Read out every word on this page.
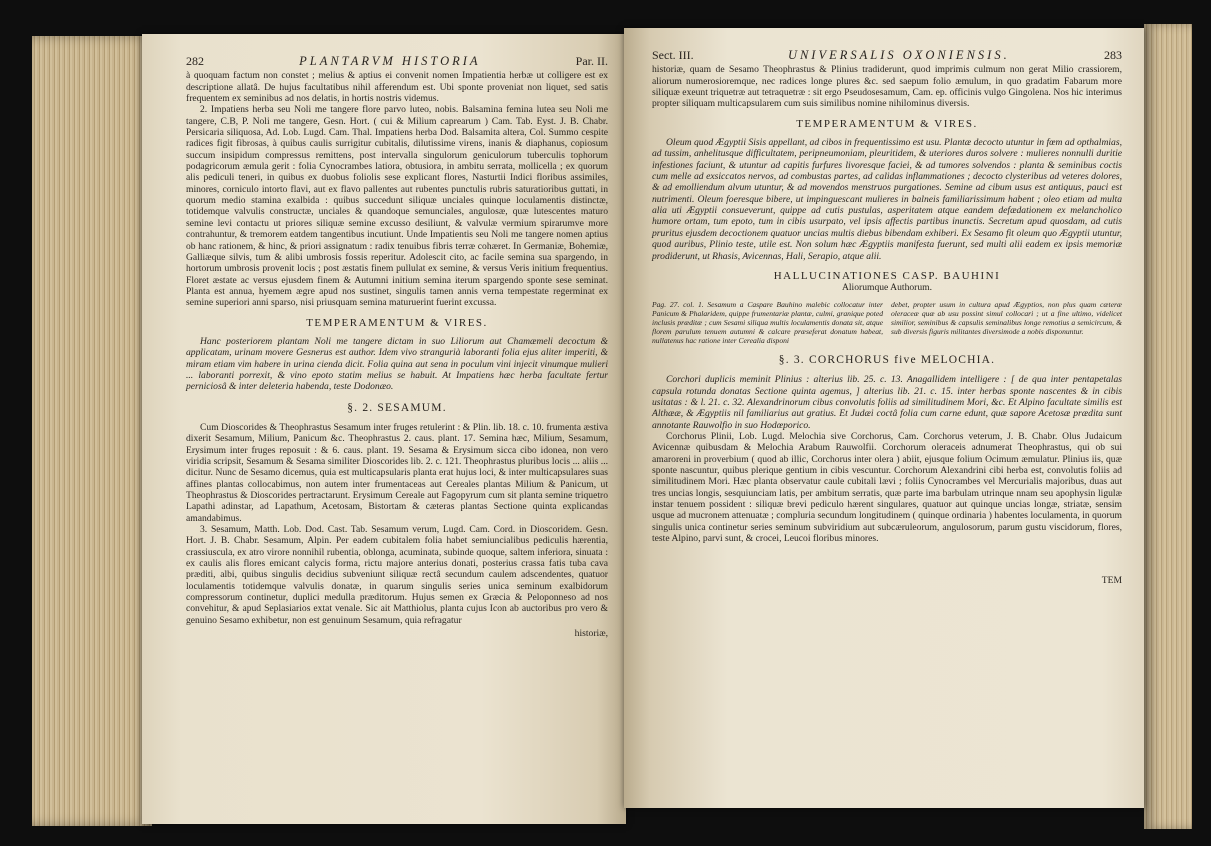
282	PLANTARVM HISTORIA	Par. II.

à quoquam factum non constet ; melius & aptius ei convenit nomen Impatientia herbæ ut colligere est ex descriptione allatâ. De hujus facultatibus nihil afferendum est. Ubi sponte proveniat non liquet, sed satis frequentem ex seminibus ad nos delatis, in hortis nostris videmus.

2. Impatiens herba seu Noli me tangere flore parvo luteo, nobis. Balsamina femina lutea seu Noli me tangere, C.B, P. Noli me tangere, Gesn. Hort. ( cui & Milium caprearum ) Cam. Tab. Eyst. J. B. Chabr. Persicaria siliquosa, Ad. Lob. Lugd. Cam. Thal. Impatiens herba Dod. Balsamita altera, Col. Summo cespite radices figit fibrosas, à quibus caulis surrigitur cubitalis, dilutissime virens, inanis & diaphanus, copiosum succum insipidum compressus remittens, post intervalla singulorum geniculorum tuberculis tophorum podagricorum æmula gerit : folia Cynocrambes latiora, obtusiora, in ambitu serrata, mollicella ; ex quorum alis pediculi teneri, in quibus ex duobus foliolis sese explicant flores, Nasturtii Indici floribus assimiles, minores, corniculo intorto flavi, aut ex flavo pallentes aut rubentes punctulis rubris saturatioribus guttati, in quorum medio stamina exalbida : quibus succedunt siliquæ unciales quinque loculamentis distinctæ, totidemque valvulis constructæ, unciales & quandoque semunciales, angulosæ, quæ lutescentes maturo semine levi contactu ut priores siliquæ semine excusso desiliunt, & valvulæ vermium spirarumve more contrahuntur, & tremorem eatdem tangentibus incutiunt. Unde Impatientis seu Noli me tangere nomen aptius ob hanc rationem, & hinc, & priori assignatum : radix tenuibus fibris terræ cohæret. In Germaniæ, Bohemiæ, Galliæque silvis, tum & alibi umbrosis fossis reperitur. Adolescit cito, ac facile semina sua spargendo, in hortorum umbrosis provenit locis ; post æstatis finem pullulat ex semine, & versus Veris initium frequentius. Floret æstate ac versus ejusdem finem & Autumni initium semina iterum spargendo sponte sese seminat. Planta est annua, hyemem ægre apud nos sustinet, singulis tamen annis verna tempestate regerminat ex semine superiori anni sparso, nisi priusquam semina maturuerint fuerint excussa.

TEMPERAMENTUM & VIRES.

Hanc posteriorem plantam Noli me tangere dictam in suo Liliorum aut Chamæmeli decoctum & applicatam, urinam movere Gesnerus est author. Idem vivo strangurià laboranti folia ejus aliter imperiti, & miram etiam vim habere in urina cienda dicit. Folia quina aut sena in poculum vini injecit vinumque mulieri ... laboranti porrexit, & vino epoto statim melius se habuit. At Impatiens hæc herba facultate fertur perniciosâ & inter deleteria habenda, teste Dodonæo.

§. 2. SESAMUM.

Cum Dioscorides & Theophrastus Sesamum inter fruges retulerint : & Plin. lib. 18. c. 10. frumenta æstiva dixerit Sesamum, Milium, Panicum &c. Theophrastus 2. caus. plant. 17. Semina hæc, Milium, Sesamum, Erysimum inter fruges reposuit : & 6. caus. plant. 19. Sesama & Erysimum sicca cibo idonea, non vero viridia scripsit, Sesamum & Sesama similiter Dioscorides lib. 2. c. 121. Theophrastus pluribus locis ... aliis ... dicitur. Nunc de Sesamo dicemus, quia est multicapsularis planta erat hujus loci, & inter multicapsulares suas affines plantas collocabimus, non autem inter frumentaceas aut Cereales plantas Milium & Panicum, ut Theophrastus & Dioscorides pertractarunt. Erysimum Cereale aut Fagopyrum cum sit planta semine triquetro Lapathi adinstar, ad Lapathum, Acetosam, Bistortam & cæteras plantas Sectione quinta explicandas amandabimus.

3. Sesamum, Matth. Lob. Dod. Cast. Tab. Sesamum verum, Lugd. Cam. Cord. in Dioscoridem. Gesn. Hort. J. B. Chabr. Sesamum, Alpin. Per eadem cubitalem folia habet semiuncialibus pediculis hærentia, crassiuscula, ex atro virore nonnihil rubentia, oblonga, acuminata, subinde quoque, saltem inferiora, sinuata : ex caulis alis flores emicant calycis forma, rictu majore anterius donati, posterius crassa fatis tuba cava præditi, albi, quibus singulis decidius subveniunt siliquæ rectâ secundum caulem adscendentes, quatuor loculamentis totidemque valvulis donatæ, in quarum singulis series unica seminum exalbidorum compressorum continetur, duplici medulla præditorum. Hujus semen ex Græcia & Peloponneso ad nos convehitur, & apud Seplasiarios extat venale. Sic ait Matthiolus, planta cujus Icon ab auctoribus pro vero & genuino Sesamo exhibetur, non est genuinum Sesamum, quia refragatur

historiæ,
Sect. III.	UNIVERSALIS OXONIENSIS.	283

historiæ, quam de Sesamo Theophrastus & Plinius tradiderunt, quod imprimis culmum non gerat Milio crassiorem, aliorum numerosioremque, nec radices longe plures &c. sed saepum folio æmulum, in quo gradatim Fabarum more siliquæ exeunt triquetræ aut tetraquetræ : sit ergo Pseudosesamum, Cam. ep. officinis vulgo Gingolena. Nos hic interimus propter siliquam multicapsularem cum suis similibus nomine nihilominus diversis.

TEMPERAMENTUM & VIRES.

Oleum quod Ægyptii Sisis appellant, ad cibos in frequentissimo est usu. Plantæ decocto utuntur in fœm ad opthalmias, ad tussim, anhelitusque difficultatem, peripneumoniam, pleuritidem, & uteriores duros solvere : mulieres nonnulli duritie infestiones faciunt, & utuntur ad capitis furfures livoresque faciei, & ad tumores solvendos : planta & seminibus coctis cum melle ad exsiccatos nervos, ad combustas partes, ad calidas inflammationes ; decocto clysteribus ad veteres dolores, & ad emolliendum alvum utuntur, & ad movendos menstruos purgationes. Semine ad cibum usus est antiquus, pauci est nutrimenti. Oleum foeresque bibere, ut impinguescant mulieres in balneis familiarissimum habent ; oleo etiam ad multa alia uti Ægyptii consueverunt, quippe ad cutis pustulas, asperitatem atque eandem defædationem ex melancholico humore ortam, tum epoto, tum in cibis usurpato, vel ipsis affectis partibus inunctis. Secretum apud quosdam, ad cutis pruritus ejusdem decoctionem quatuor uncias multis diebus bibendam exhiberi. Ex Sesamo fit oleum quo Ægyptii utuntur, quod auribus, Plinio teste, utile est. Non solum hæc Ægyptiis manifesta fuerunt, sed multi alii eadem ex ipsis memoriæ prodiderunt, ut Rhasis, Avicennas, Hali, Serapio, atque alii.

HALLUCINATIONES CASP. BAUHINI
Aliorumque Authorum.
Pag. 27. col. 1. Sesamum a Caspare Bauhino malebic collocatur inter Panicum & Phalaridem, quippe frumentariæ plantæ, culmi, granique poted inclusis præditæ ; cum Sesami siliqua multis loculamentis donata sit, atque florem parulum tenuem autumni & calcare præseferat donatum habeat, nullatenus hac ratione inter Cerealia disponi
debet, propter usum in cultura apud Ægyptios, non plus quam cæteræ oleraceæ quæ ab usu possint simul collocari ; ut a fine ultimo, videlicet similior, seminibus & capsulis seminalibus longe remotius a semicircum, & sub diversis figuris militantes diversimode a nobis disponuntur.
§. 3. CORCHORUS five MELOCHIA.

Corchori duplicis meminit Plinius : alterius lib. 25. c. 13. Anagallidem intelligere : [ de qua inter pentapetalas capsula rotunda donatas Sectione quinta agemus, ] alterius lib. 21. c. 15. inter herbas sponte nascentes & in cibis usitatas : & l. 21. c. 32. Alexandrinorum cibus convolutis foliis ad similitudinem Mori, &c. Et Alpino facultate similis est Althææ, & Ægyptiis nil familiarius aut gratius. Et Judæi coctâ folia cum carne edunt, quæ sapore Acetosæ prædita sunt annotante Rauwolfio in suo Hodœporico.

Corchorus Plinii, Lob. Lugd. Melochia sive Corchorus, Cam. Corchorus veterum, J. B. Chabr. Olus Judaicum Avicennæ quibusdam & Melochia Arabum Rauwolfii. Corchorum oleraceis adnumerat Theophrastus, qui ob sui amaroreni in proverbium ( quod ab illic, Corchorus inter olera ) abiit, ejusque folium Ocimum æmulatur. Plinius iis, quæ sponte nascuntur, quibus plerique gentium in cibis vescuntur. Corchorum Alexandrini cibi herba est, convolutis foliis ad similitudinem Mori. Hæc planta observatur caule cubitali lævi ; foliis Cynocrambes vel Mercurialis majoribus, duas aut tres uncias longis, sesquiunciam latis, per ambitum serratis, quæ parte ima barbulam utrinque nnam seu apophysin ligulæ instar tenuem possident : siliquæ brevi pediculo hærent singulares, quatuor aut quinque uncias longæ, striatæ, sensim usque ad mucronem attenuatæ ; compluria secundum longitudinem ( quinque ordinaria ) habentes loculamenta, in quorum singulis unica continetur series seminum subviridium aut subcæruleorum, angulosorum, parum gustu viscidorum, flores, teste Alpino, parvi sunt, & crocei, Leucoi floribus minores.

TEM
